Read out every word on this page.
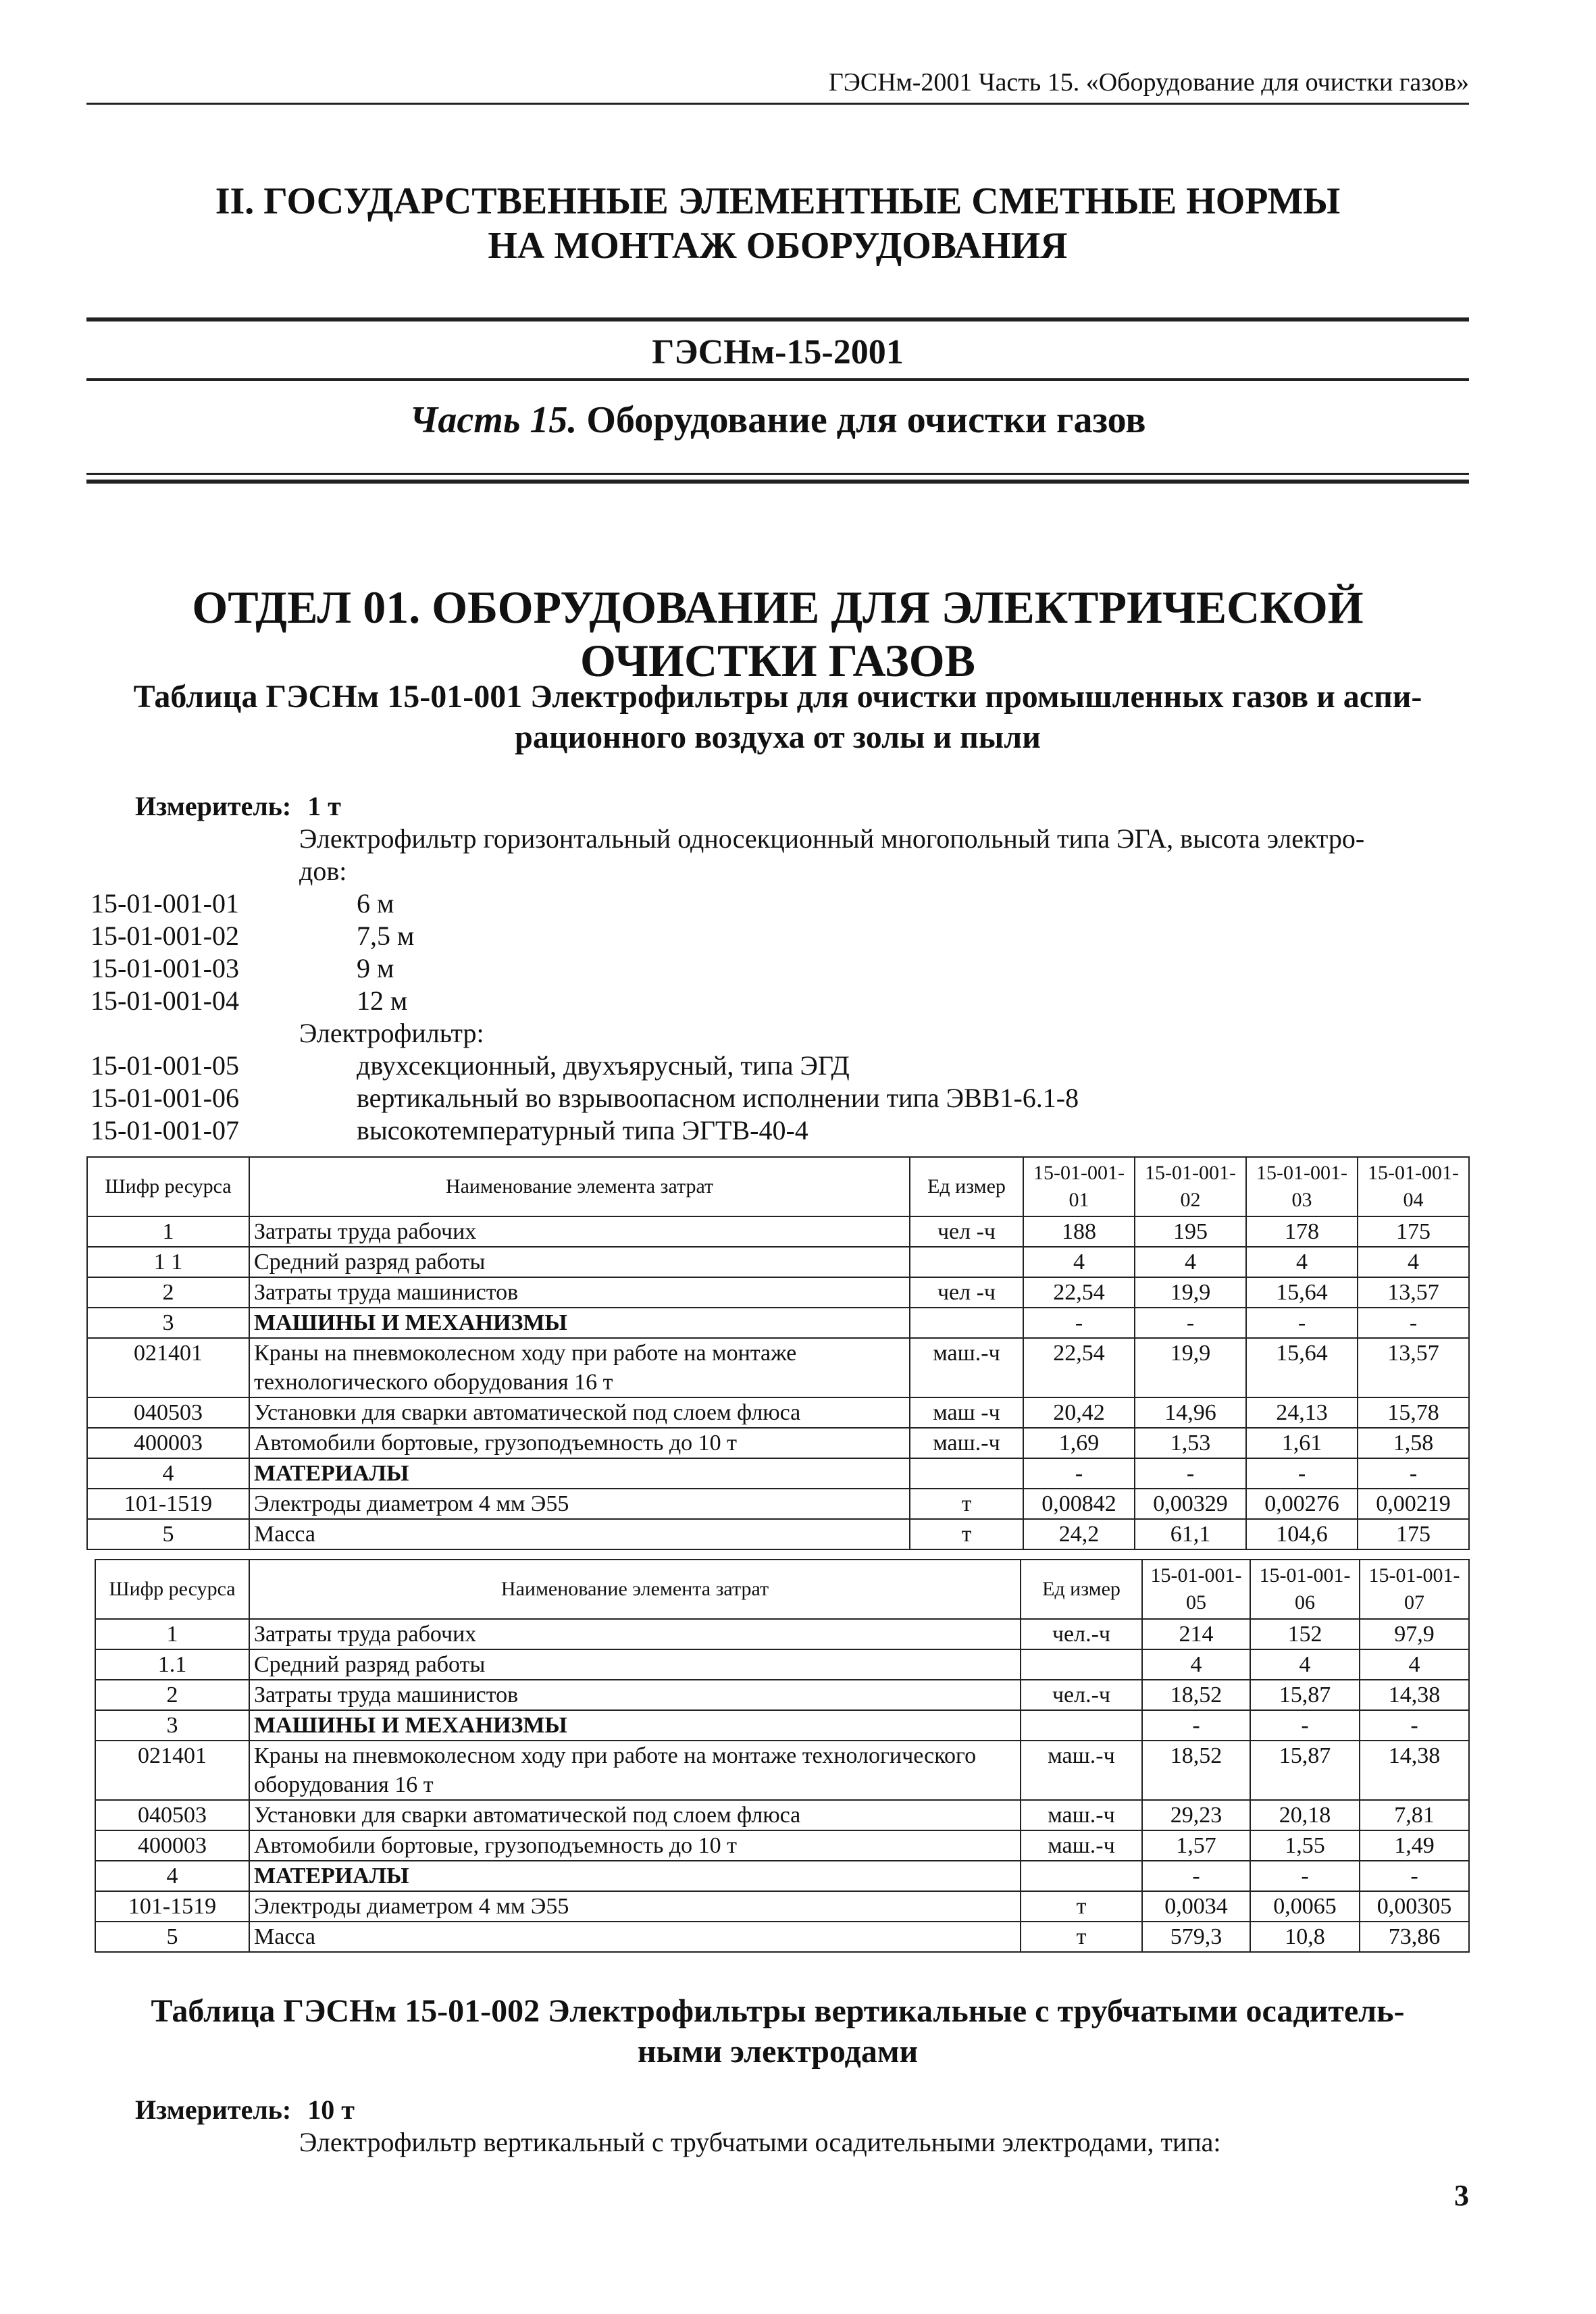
ГЭСНм-2001 Часть 15. «Оборудование для очистки газов»
II. ГОСУДАРСТВЕННЫЕ ЭЛЕМЕНТНЫЕ СМЕТНЫЕ НОРМЫ
НА МОНТАЖ ОБОРУДОВАНИЯ
ГЭСНм-15-2001
Часть 15. Оборудование для очистки газов
ОТДЕЛ 01. ОБОРУДОВАНИЕ ДЛЯ ЭЛЕКТРИЧЕСКОЙ ОЧИСТКИ ГАЗОВ
Таблица ГЭСНм 15-01-001 Электрофильтры для очистки промышленных газов и аспи-
рационного воздуха от золы и пыли
Измеритель: 1 т
Электрофильтр горизонтальный односекционный многопольный типа ЭГА, высота электро-
дов:
15-01-001-01	6 м
15-01-001-02	7,5 м
15-01-001-03	9 м
15-01-001-04	12 м
Электрофильтр:
15-01-001-05	двухсекционный, двухъярусный, типа ЭГД
15-01-001-06	вертикальный во взрывоопасном исполнении типа ЭВВ1-6.1-8
15-01-001-07	высокотемпературный типа ЭГТВ-40-4
Шифр ресурса	Наименование элемента затрат	Ед измер	15-01-001-01	15-01-001-02	15-01-001-03	15-01-001-04
1	Затраты труда рабочих	чел -ч	188	195	178	175
1 1	Средний разряд работы		4	4	4	4
2	Затраты труда машинистов	чел -ч	22,54	19,9	15,64	13,57
3	МАШИНЫ И МЕХАНИЗМЫ		-	-	-	-
021401	Краны на пневмоколесном ходу при работе на монтаже технологического оборудования 16 т	маш.-ч	22,54	19,9	15,64	13,57
040503	Установки для сварки автоматической под слоем флюса	маш -ч	20,42	14,96	24,13	15,78
400003	Автомобили бортовые, грузоподъемность до 10 т	маш.-ч	1,69	1,53	1,61	1,58
4	МАТЕРИАЛЫ		-	-	-	-
101-1519	Электроды диаметром 4 мм Э55	т	0,00842	0,00329	0,00276	0,00219
5	Масса	т	24,2	61,1	104,6	175
Шифр ресурса	Наименование элемента затрат	Ед измер	15-01-001-05	15-01-001-06	15-01-001-07
1	Затраты труда рабочих	чел.-ч	214	152	97,9
1.1	Средний разряд работы		4	4	4
2	Затраты труда машинистов	чел.-ч	18,52	15,87	14,38
3	МАШИНЫ И МЕХАНИЗМЫ		-	-	-
021401	Краны на пневмоколесном ходу при работе на монтаже технологического оборудования 16 т	маш.-ч	18,52	15,87	14,38
040503	Установки для сварки автоматической под слоем флюса	маш.-ч	29,23	20,18	7,81
400003	Автомобили бортовые, грузоподъемность до 10 т	маш.-ч	1,57	1,55	1,49
4	МАТЕРИАЛЫ		-	-	-
101-1519	Электроды диаметром 4 мм Э55	т	0,0034	0,0065	0,00305
5	Масса	т	579,3	10,8	73,86
Таблица ГЭСНм 15-01-002 Электрофильтры вертикальные с трубчатыми осадитель-
ными электродами
Измеритель: 10 т
Электрофильтр вертикальный с трубчатыми осадительными электродами, типа:
3
